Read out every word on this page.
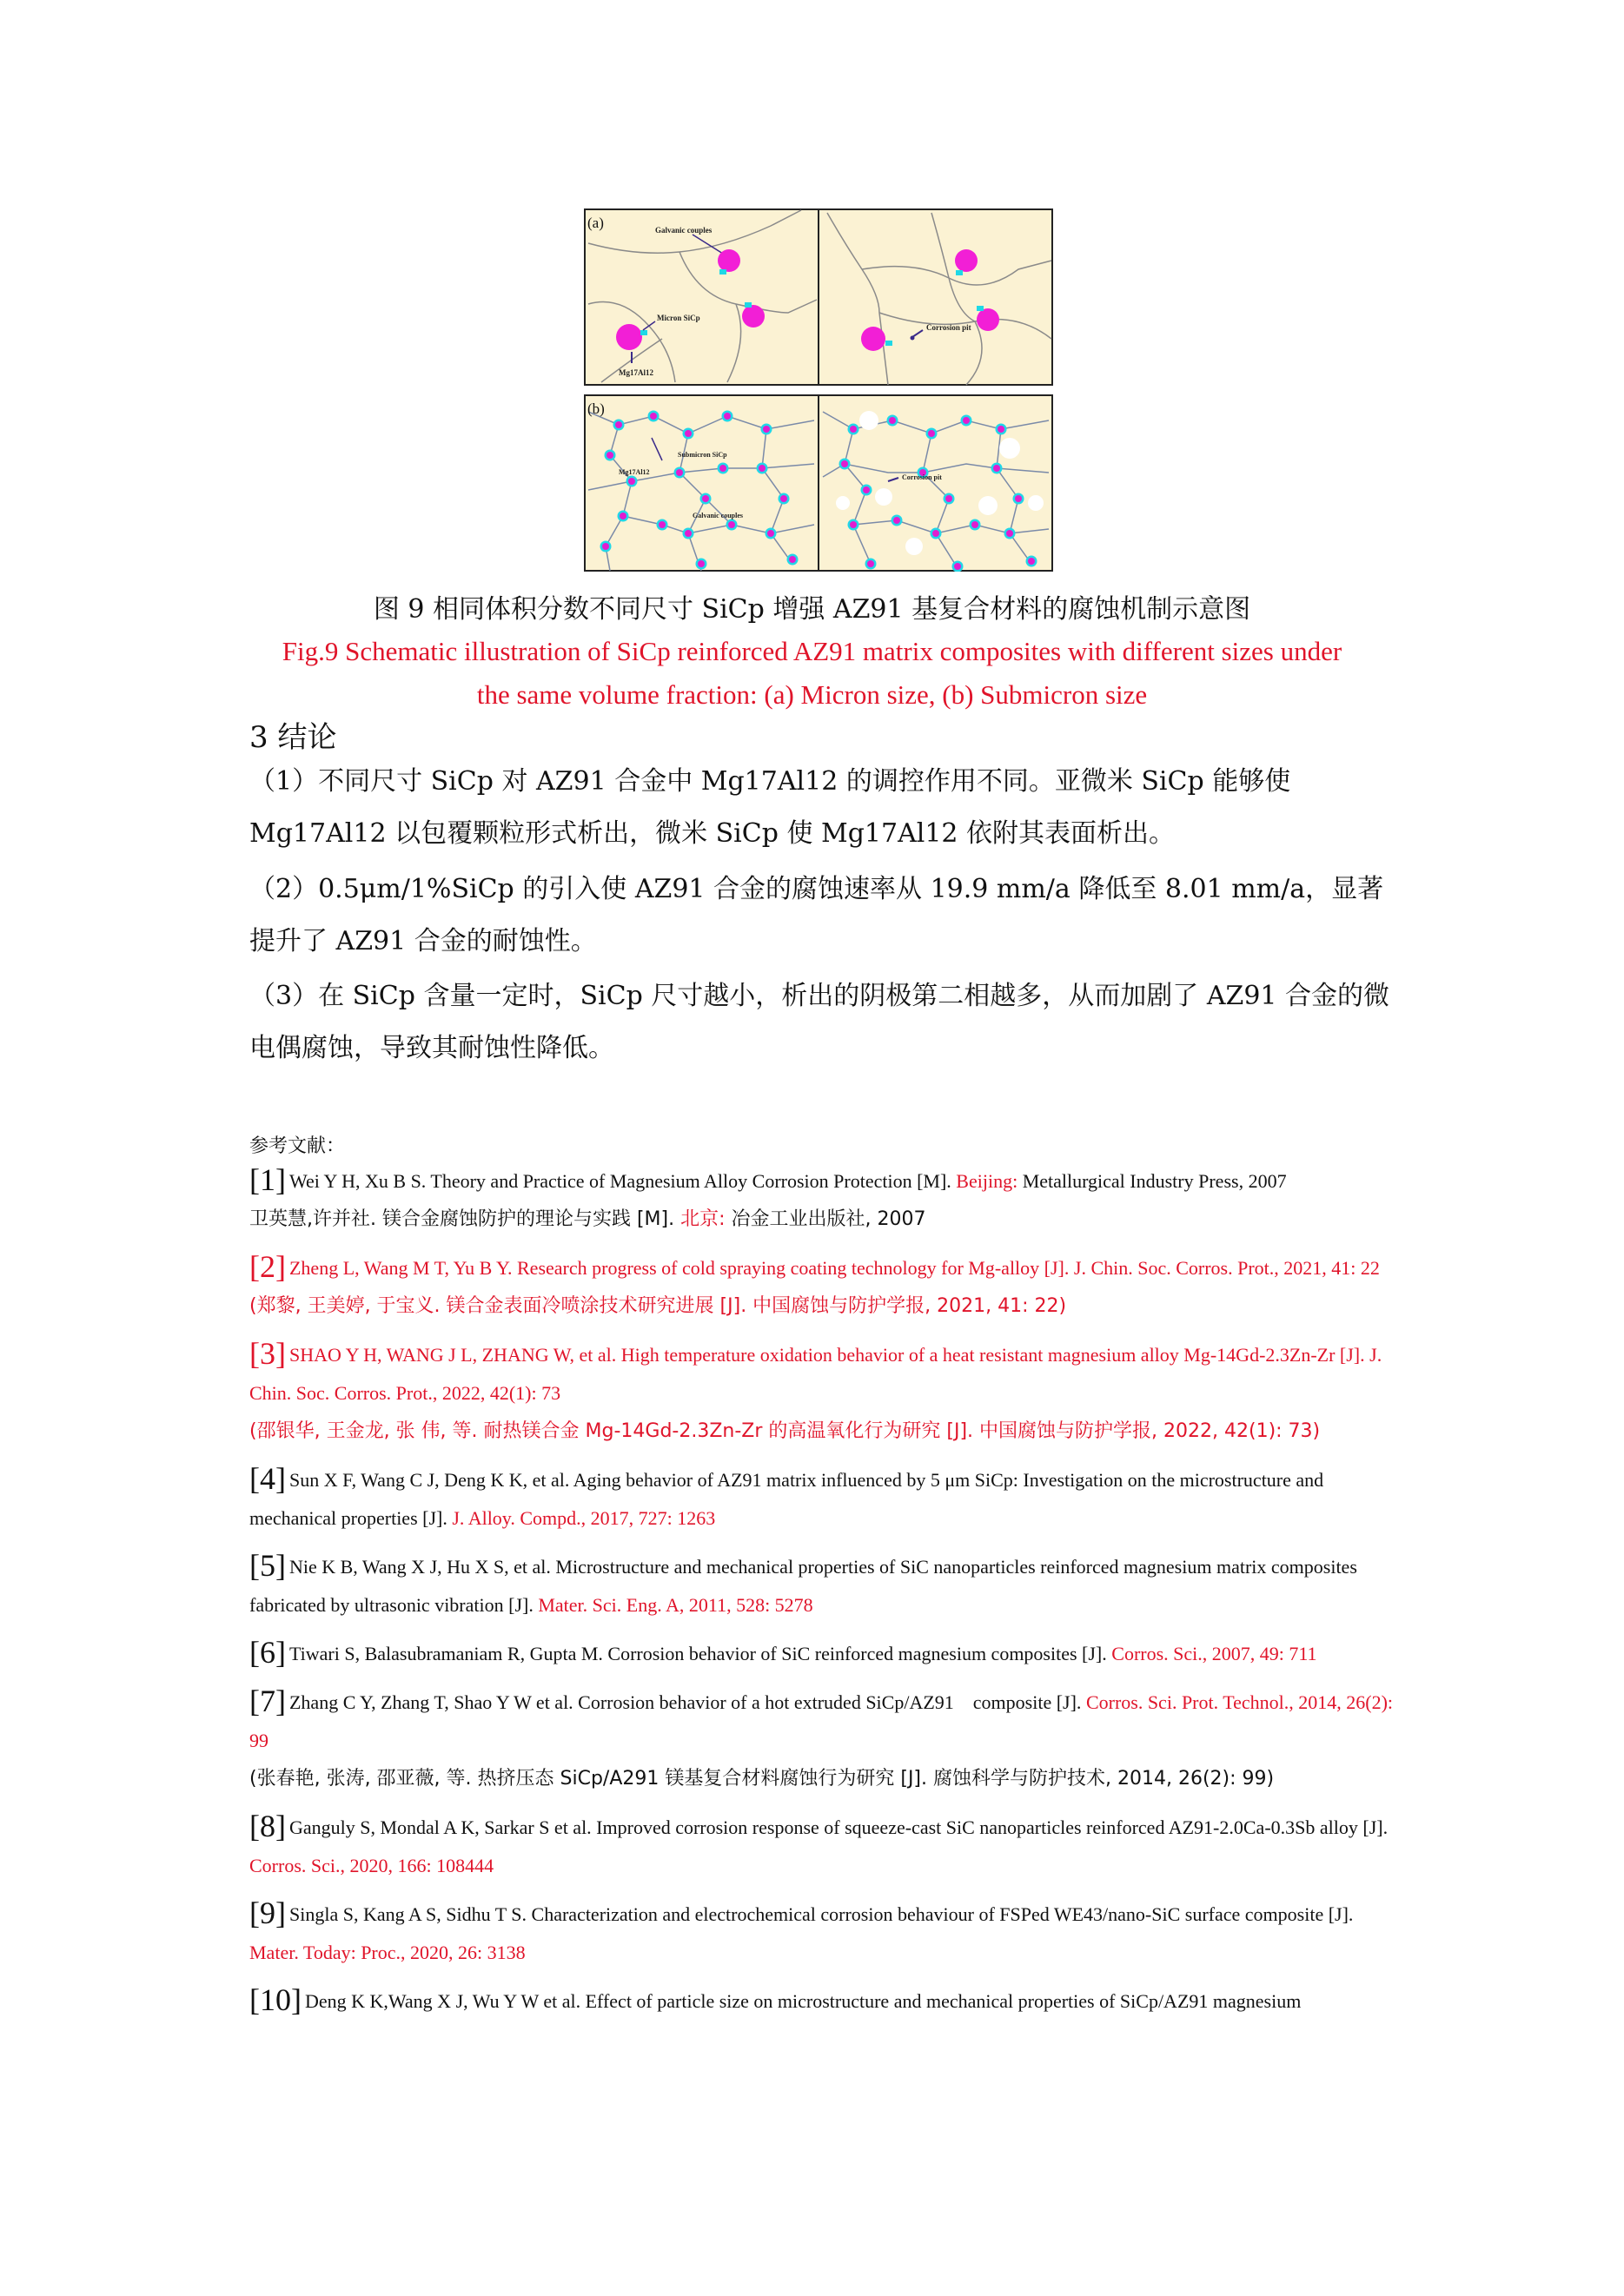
(a)	Galvanic couples
Micron SiCp
Mg17Al12
Corrosion pit
(b)
Submicron SiCp
Mg17Al12
Galvanic couples
Corrosion pit
图 9 相同体积分数不同尺寸 SiCp 增强 AZ91 基复合材料的腐蚀机制示意图
Fig.9 Schematic illustration of SiCp reinforced AZ91 matrix composites with different sizes under
the same volume fraction: (a) Micron size, (b) Submicron size
3 结论
（1）不同尺寸 SiCp 对 AZ91 合金中 Mg17Al12 的调控作用不同。亚微米 SiCp 能够使 Mg17Al12 以包覆颗粒形式析出，微米 SiCp 使 Mg17Al12 依附其表面析出。
（2）0.5μm/1%SiCp 的引入使 AZ91 合金的腐蚀速率从 19.9 mm/a 降低至 8.01 mm/a，显著提升了 AZ91 合金的耐蚀性。
（3）在 SiCp 含量一定时，SiCp 尺寸越小，析出的阴极第二相越多，从而加剧了 AZ91 合金的微电偶腐蚀，导致其耐蚀性降低。
参考文献：
[1] Wei Y H, Xu B S. Theory and Practice of Magnesium Alloy Corrosion Protection [M]. Beijing: Metallurgical Industry Press, 2007
卫英慧,许并社. 镁合金腐蚀防护的理论与实践 [M]. 北京: 冶金工业出版社, 2007
[2] Zheng L, Wang M T, Yu B Y. Research progress of cold spraying coating technology for Mg-alloy [J]. J. Chin. Soc. Corros. Prot., 2021, 41: 22
(郑黎, 王美婷, 于宝义. 镁合金表面冷喷涂技术研究进展 [J]. 中国腐蚀与防护学报, 2021, 41: 22)
[3] SHAO Y H, WANG J L, ZHANG W, et al. High temperature oxidation behavior of a heat resistant magnesium alloy Mg-14Gd-2.3Zn-Zr [J]. J. Chin. Soc. Corros. Prot., 2022, 42(1): 73
(邵银华, 王金龙, 张 伟, 等. 耐热镁合金 Mg-14Gd-2.3Zn-Zr 的高温氧化行为研究 [J]. 中国腐蚀与防护学报, 2022, 42(1): 73)
[4] Sun X F, Wang C J, Deng K K, et al. Aging behavior of AZ91 matrix influenced by 5 μm SiCp: Investigation on the microstructure and mechanical properties [J]. J. Alloy. Compd., 2017, 727: 1263
[5] Nie K B, Wang X J, Hu X S, et al. Microstructure and mechanical properties of SiC nanoparticles reinforced magnesium matrix composites fabricated by ultrasonic vibration [J]. Mater. Sci. Eng. A, 2011, 528: 5278
[6] Tiwari S, Balasubramaniam R, Gupta M. Corrosion behavior of SiC reinforced magnesium composites [J]. Corros. Sci., 2007, 49: 711
[7] Zhang C Y, Zhang T, Shao Y W et al. Corrosion behavior of a hot extruded SiCp/AZ91　composite [J]. Corros. Sci. Prot. Technol., 2014, 26(2): 99
(张春艳, 张涛, 邵亚薇, 等. 热挤压态 SiCp/A291 镁基复合材料腐蚀行为研究 [J]. 腐蚀科学与防护技术, 2014, 26(2): 99)
[8] Ganguly S, Mondal A K, Sarkar S et al. Improved corrosion response of squeeze-cast SiC nanoparticles reinforced AZ91-2.0Ca-0.3Sb alloy [J]. Corros. Sci., 2020, 166: 108444
[9] Singla S, Kang A S, Sidhu T S. Characterization and electrochemical corrosion behaviour of FSPed WE43/nano-SiC surface composite [J]. Mater. Today: Proc., 2020, 26: 3138
[10] Deng K K,Wang X J, Wu Y W et al. Effect of particle size on microstructure and mechanical properties of SiCp/AZ91 magnesium
